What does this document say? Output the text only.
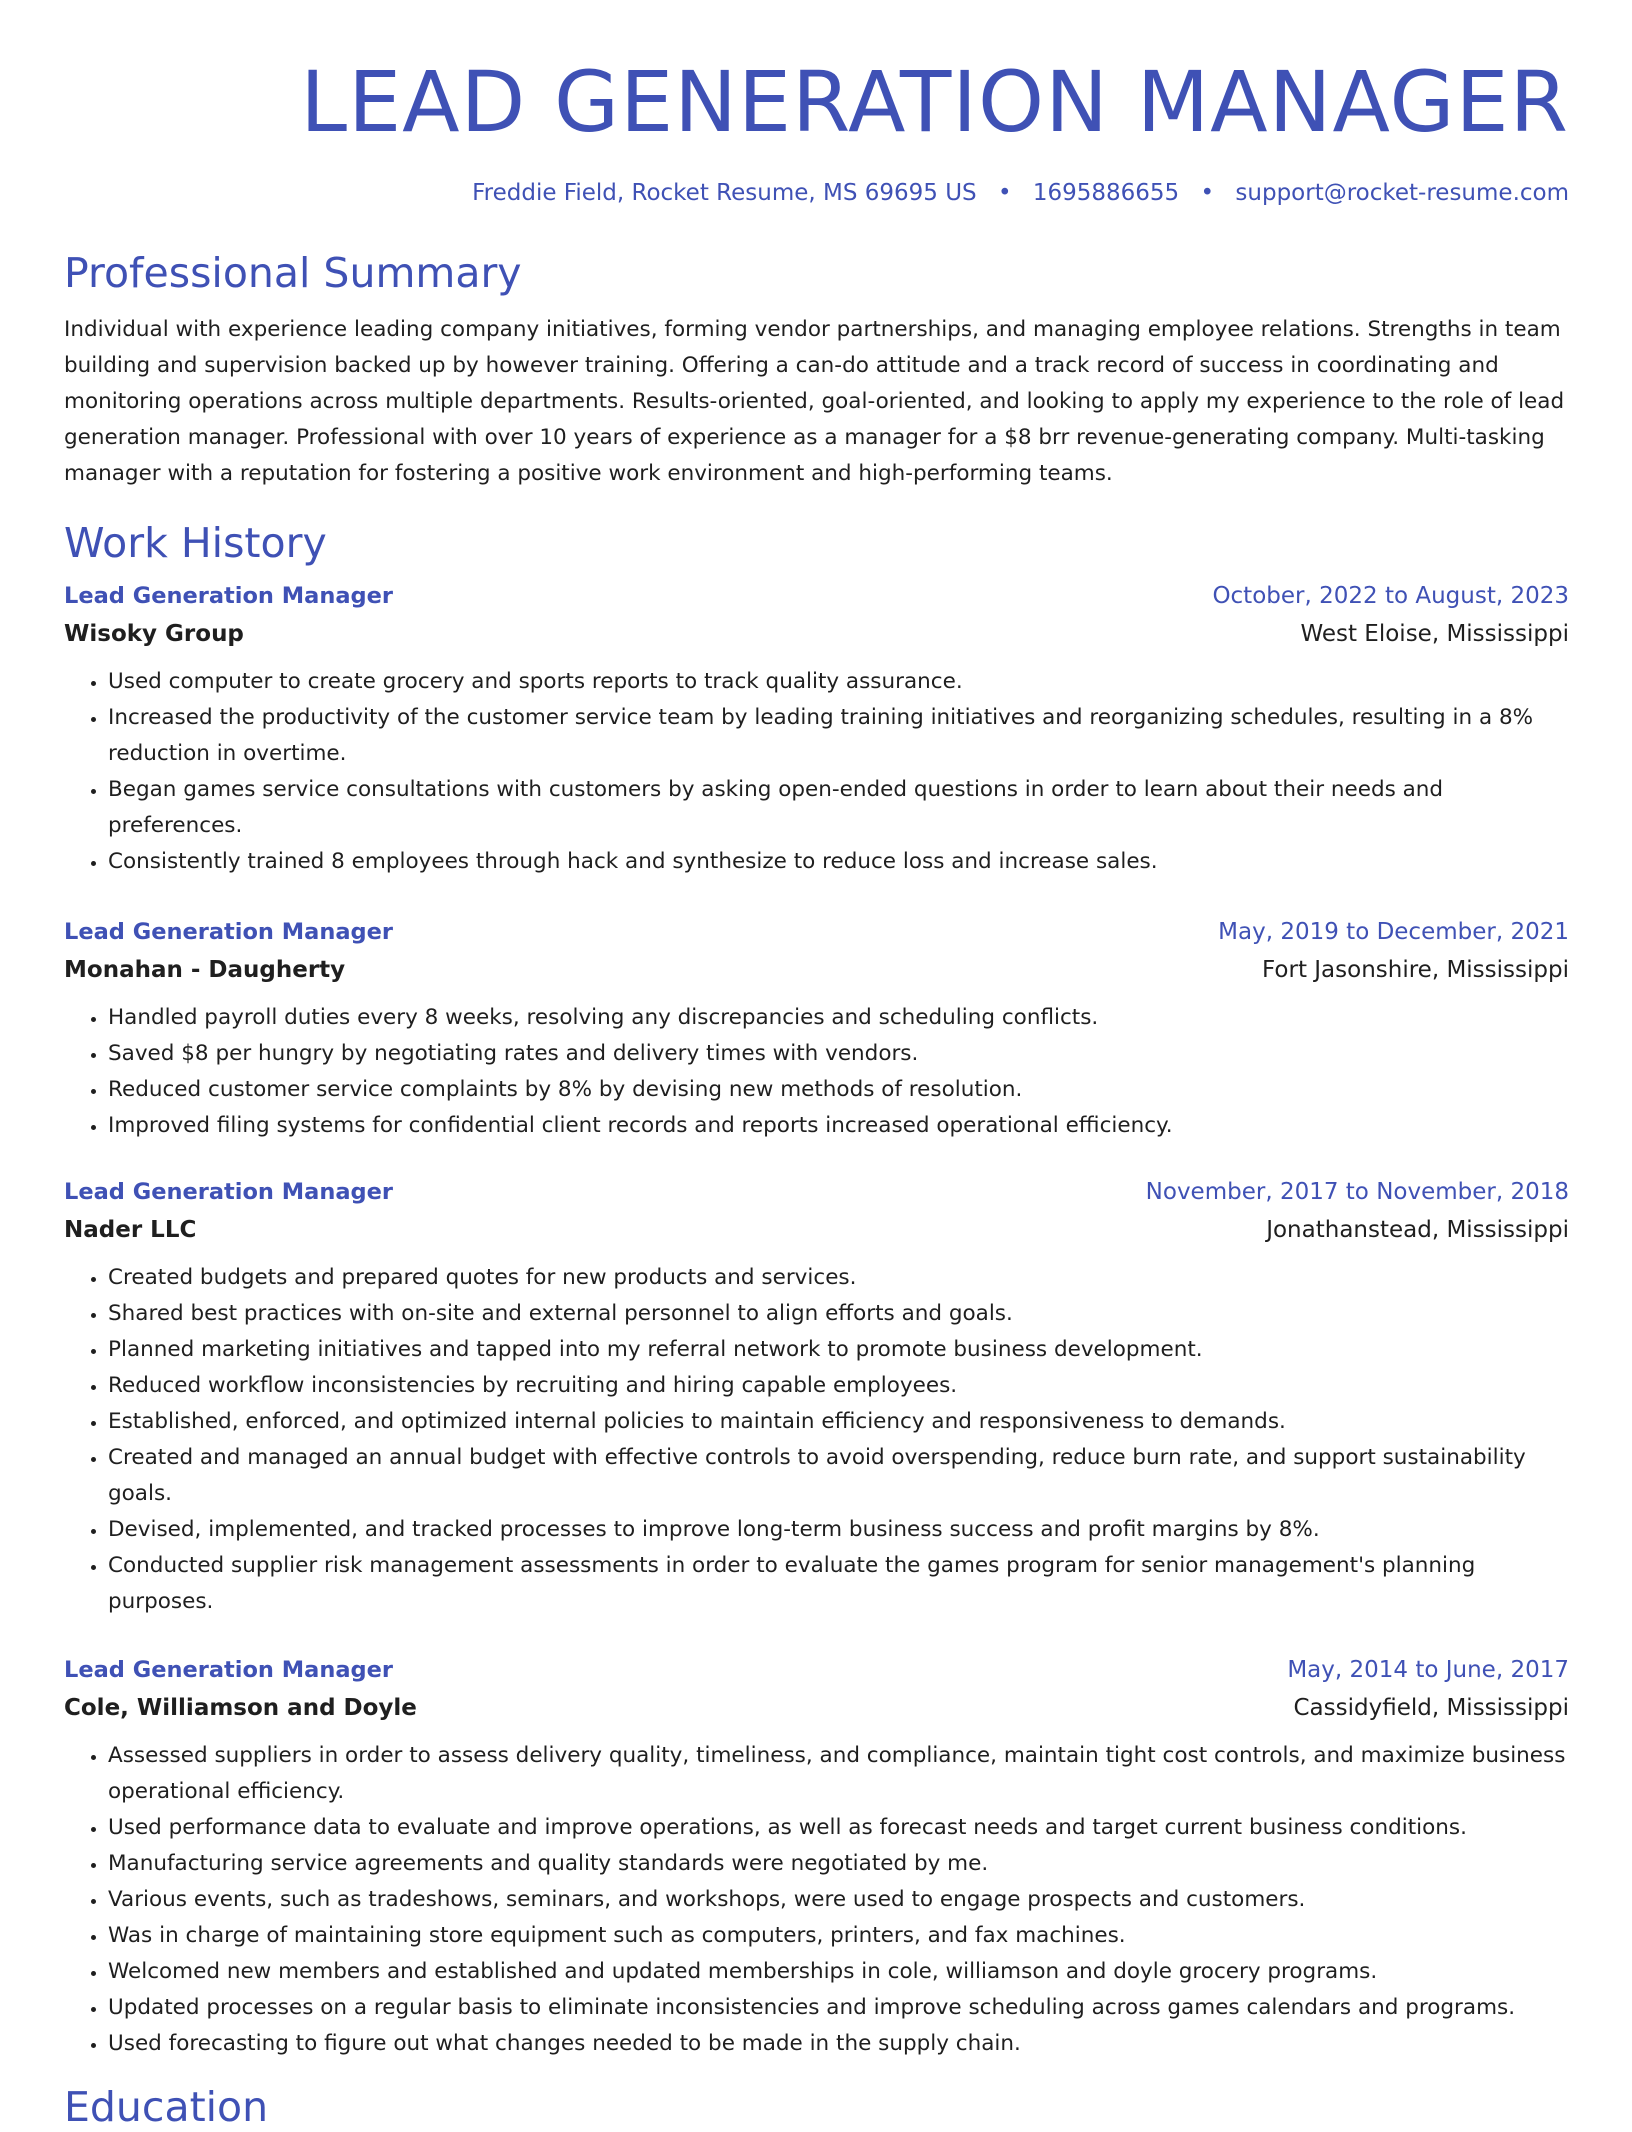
LEAD GENERATION MANAGER
Freddie Field, Rocket Resume, MS 69695 US • 1695886655 • support@rocket-resume.com
Professional Summary

Individual with experience leading company initiatives, forming vendor partnerships, and managing employee relations. Strengths in team building and supervision backed up by however training. Offering a can-do attitude and a track record of success in coordinating and monitoring operations across multiple departments. Results-oriented, goal-oriented, and looking to apply my experience to the role of lead generation manager. Professional with over 10 years of experience as a manager for a $8 brr revenue-generating company. Multi-tasking manager with a reputation for fostering a positive work environment and high-performing teams.

Work History
Lead Generation Manager	October, 2022 to August, 2023
Wisoky Group	West Eloise, Mississippi
• Used computer to create grocery and sports reports to track quality assurance.
• Increased the productivity of the customer service team by leading training initiatives and reorganizing schedules, resulting in a 8% reduction in overtime.
• Began games service consultations with customers by asking open-ended questions in order to learn about their needs and preferences.
• Consistently trained 8 employees through hack and synthesize to reduce loss and increase sales.
Lead Generation Manager	May, 2019 to December, 2021
Monahan - Daugherty	Fort Jasonshire, Mississippi
• Handled payroll duties every 8 weeks, resolving any discrepancies and scheduling conflicts.
• Saved $8 per hungry by negotiating rates and delivery times with vendors.
• Reduced customer service complaints by 8% by devising new methods of resolution.
• Improved filing systems for confidential client records and reports increased operational efficiency.
Lead Generation Manager	November, 2017 to November, 2018
Nader LLC	Jonathanstead, Mississippi
• Created budgets and prepared quotes for new products and services.
• Shared best practices with on-site and external personnel to align efforts and goals.
• Planned marketing initiatives and tapped into my referral network to promote business development.
• Reduced workflow inconsistencies by recruiting and hiring capable employees.
• Established, enforced, and optimized internal policies to maintain efficiency and responsiveness to demands.
• Created and managed an annual budget with effective controls to avoid overspending, reduce burn rate, and support sustainability goals.
• Devised, implemented, and tracked processes to improve long-term business success and profit margins by 8%.
• Conducted supplier risk management assessments in order to evaluate the games program for senior management's planning purposes.
Lead Generation Manager	May, 2014 to June, 2017
Cole, Williamson and Doyle	Cassidyfield, Mississippi
• Assessed suppliers in order to assess delivery quality, timeliness, and compliance, maintain tight cost controls, and maximize business operational efficiency.
• Used performance data to evaluate and improve operations, as well as forecast needs and target current business conditions.
• Manufacturing service agreements and quality standards were negotiated by me.
• Various events, such as tradeshows, seminars, and workshops, were used to engage prospects and customers.
• Was in charge of maintaining store equipment such as computers, printers, and fax machines.
• Welcomed new members and established and updated memberships in cole, williamson and doyle grocery programs.
• Updated processes on a regular basis to eliminate inconsistencies and improve scheduling across games calendars and programs.
• Used forecasting to figure out what changes needed to be made in the supply chain.
Education
